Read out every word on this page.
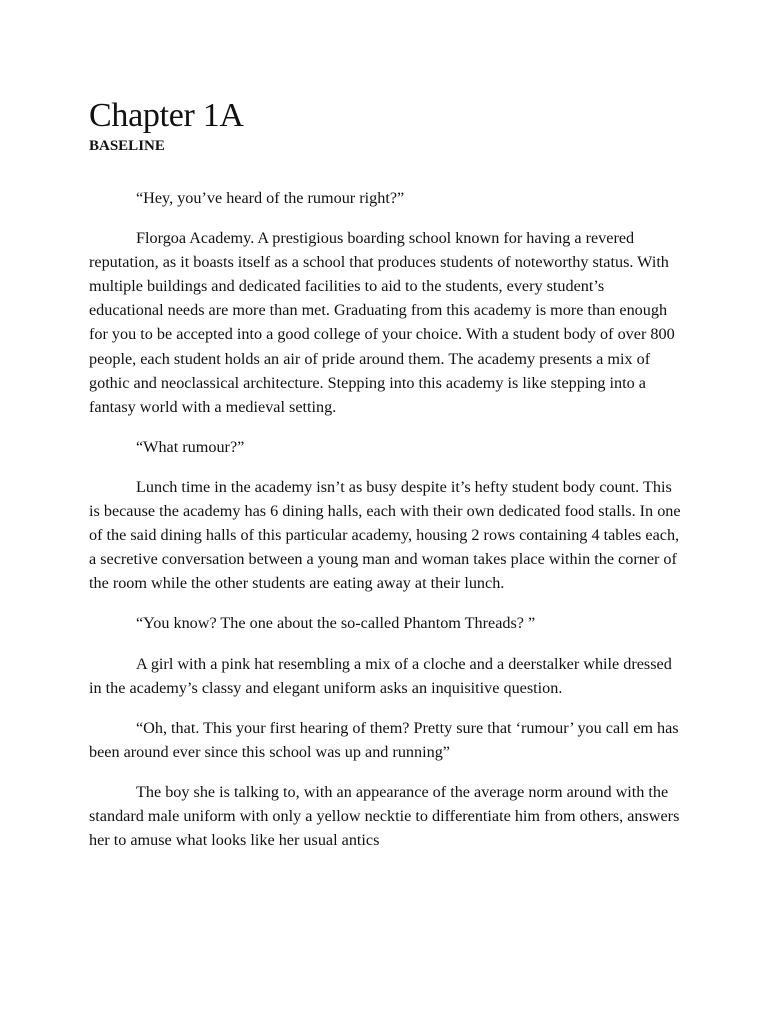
Chapter 1A
BASELINE

“Hey, you’ve heard of the rumour right?”

Florgoa Academy. A prestigious boarding school known for having a revered reputation, as it boasts itself as a school that produces students of noteworthy status. With multiple buildings and dedicated facilities to aid to the students, every student’s educational needs are more than met. Graduating from this academy is more than enough for you to be accepted into a good college of your choice. With a student body of over 800 people, each student holds an air of pride around them. The academy presents a mix of gothic and neoclassical architecture. Stepping into this academy is like stepping into a fantasy world with a medieval setting.

“What rumour?”

Lunch time in the academy isn’t as busy despite it’s hefty student body count. This is because the academy has 6 dining halls, each with their own dedicated food stalls. In one of the said dining halls of this particular academy, housing 2 rows containing 4 tables each, a secretive conversation between a young man and woman takes place within the corner of the room while the other students are eating away at their lunch.

“You know? The one about the so-called Phantom Threads? ”

A girl with a pink hat resembling a mix of a cloche and a deerstalker while dressed in the academy’s classy and elegant uniform asks an inquisitive question.

“Oh, that. This your first hearing of them? Pretty sure that ‘rumour’ you call em has been around ever since this school was up and running”

The boy she is talking to, with an appearance of the average norm around with the standard male uniform with only a yellow necktie to differentiate him from others, answers her to amuse what looks like her usual antics
